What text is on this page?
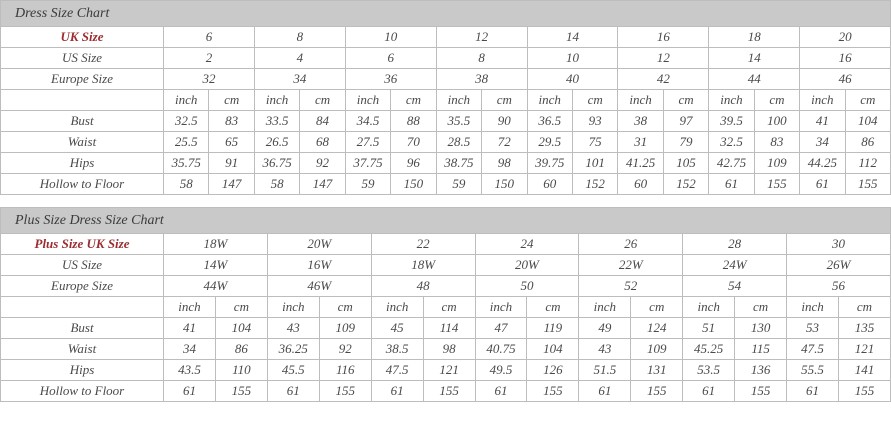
Dress Size Chart
UK Size	6		8		10		12		14		16		18		20	
US Size	2		4		6		8		10		12		14		16	
Europe Size	32		34		36		38		40		42		44		46	
	inch	cm	inch	cm	inch	cm	inch	cm	inch	cm	inch	cm	inch	cm	inch	cm
Bust	32.5	83	33.5	84	34.5	88	35.5	90	36.5	93	38	97	39.5	100	41	104
Waist	25.5	65	26.5	68	27.5	70	28.5	72	29.5	75	31	79	32.5	83	34	86
Hips	35.75	91	36.75	92	37.75	96	38.75	98	39.75	101	41.25	105	42.75	109	44.25	112
Hollow to Floor	58	147	58	147	59	150	59	150	60	152	60	152	61	155	61	155
Plus Size Dress Size Chart
Plus Size UK Size	18W		20W		22		24		26		28		30	
US Size	14W		16W		18W		20W		22W		24W		26W	
Europe Size	44W		46W		48		50		52		54		56	
	inch	cm	inch	cm	inch	cm	inch	cm	inch	cm	inch	cm	inch	cm
Bust	41	104	43	109	45	114	47	119	49	124	51	130	53	135
Waist	34	86	36.25	92	38.5	98	40.75	104	43	109	45.25	115	47.5	121
Hips	43.5	110	45.5	116	47.5	121	49.5	126	51.5	131	53.5	136	55.5	141
Hollow to Floor	61	155	61	155	61	155	61	155	61	155	61	155	61	155
